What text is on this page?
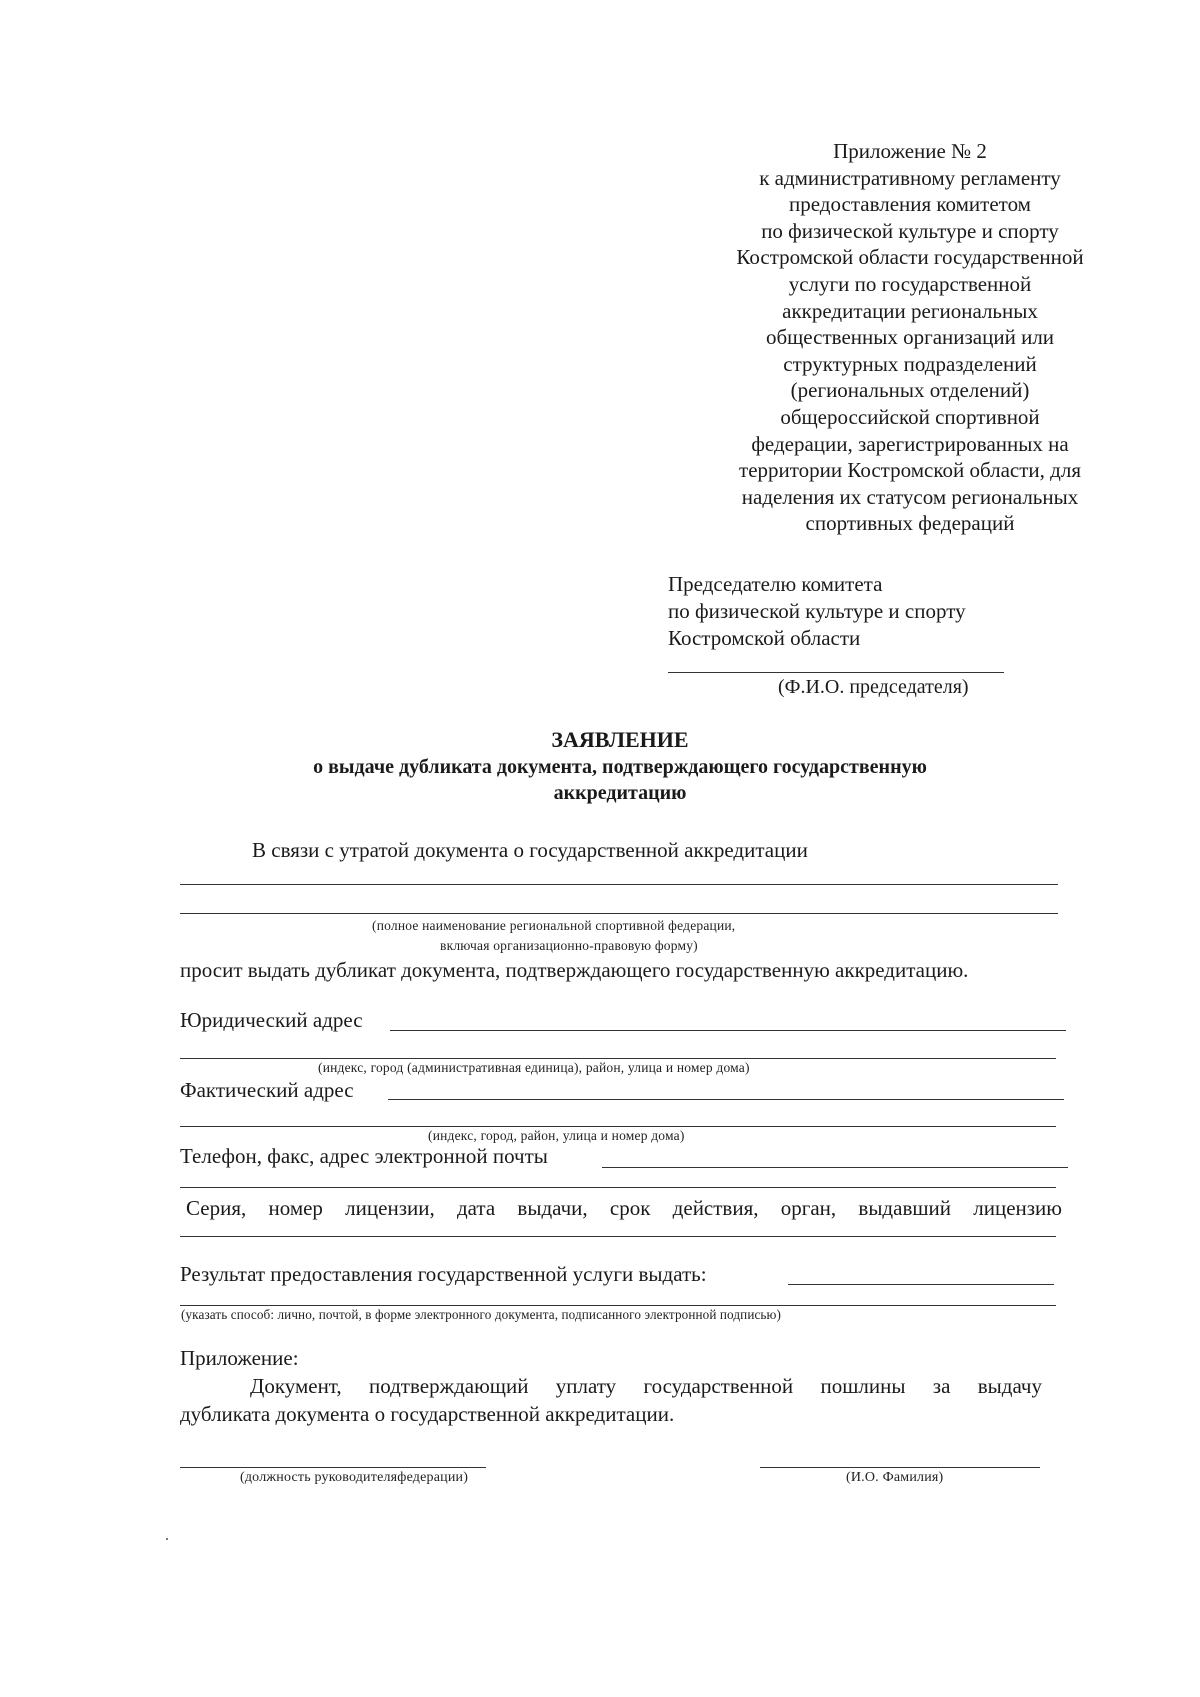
Приложение № 2
к административному регламенту
предоставления комитетом
по физической культуре и спорту
Костромской области государственной
услуги по государственной
аккредитации региональных
общественных организаций или
структурных подразделений
(региональных отделений)
общероссийской спортивной
федерации, зарегистрированных на
территории Костромской области, для
наделения их статусом региональных
спортивных федераций
Председателю комитета
по физической культуре и спорту
Костромской области
(Ф.И.О. председателя)
ЗАЯВЛЕНИЕ
о выдаче дубликата документа, подтверждающего государственную
аккредитацию
В связи с утратой документа о государственной аккредитации
(полное наименование региональной спортивной федерации,
включая организационно-правовую форму)
просит выдать дубликат документа, подтверждающего государственную аккредитацию.
Юридический адрес
(индекс, город (административная единица), район, улица и номер дома)
Фактический адрес
(индекс, город, район, улица и номер дома)
Телефон, факс, адрес электронной почты
Серия, номер лицензии, дата выдачи, срок действия, орган, выдавший лицензию
Результат предоставления государственной услуги выдать:
(указать способ: лично, почтой, в форме электронного документа, подписанного электронной подписью)
Приложение:
Документ, подтверждающий уплату государственной пошлины за выдачу
дубликата документа о государственной аккредитации.
(должность руководителяфедерации)	(И.О. Фамилия)
